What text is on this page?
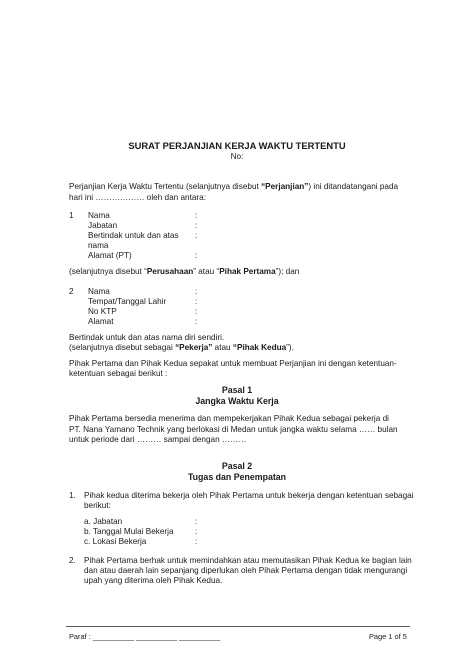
SURAT PERJANJIAN KERJA WAKTU TERTENTU
No:
Perjanjian Kerja Waktu Tertentu (selanjutnya disebut “Perjanjian”) ini ditandatangani pada
hari ini ……………… oleh dan antara:
1 Nama
Jabatan
Bertindak untuk dan atas
nama
Alamat (PT)
:
:
:
:
(selanjutnya disebut “Perusahaan” atau “Pihak Pertama”); dan
2 Nama
Tempat/Tanggal Lahir
No KTP
Alamat
:
:
:
:
Bertindak untuk dan atas nama diri sendiri.
(selanjutnya disebut sebagai “Pekerja” atau “Pihak Kedua”).
Pihak Pertama dan Pihak Kedua sepakat untuk membuat Perjanjian ini dengan ketentuan-
ketentuan sebagai berikut :
Pasal 1
Jangka Waktu Kerja
Pihak Pertama bersedia menerima dan mempekerjakan Pihak Kedua sebagai pekerja di
PT. Nana Yamano Technik yang berlokasi di Medan untuk jangka waktu selama …… bulan
untuk periode dari ……… sampai dengan ………
Pasal 2
Tugas dan Penempatan
1. Pihak kedua diterima bekerja oleh Pihak Pertama untuk bekerja dengan ketentuan sebagai
berikut:
a. Jabatan
b. Tanggal Mulai Bekerja
c. Lokasi Bekerja
:
:
:
2. Pihak Pertama berhak untuk memindahkan atau memutasikan Pihak Kedua ke bagian lain
dan atau daerah lain sepanjang diperlukan oleh Pihak Pertama dengan tidak mengurangi
upah yang diterima oleh Pihak Kedua.
Paraf : __________ __________ __________	Page 1 of 5
